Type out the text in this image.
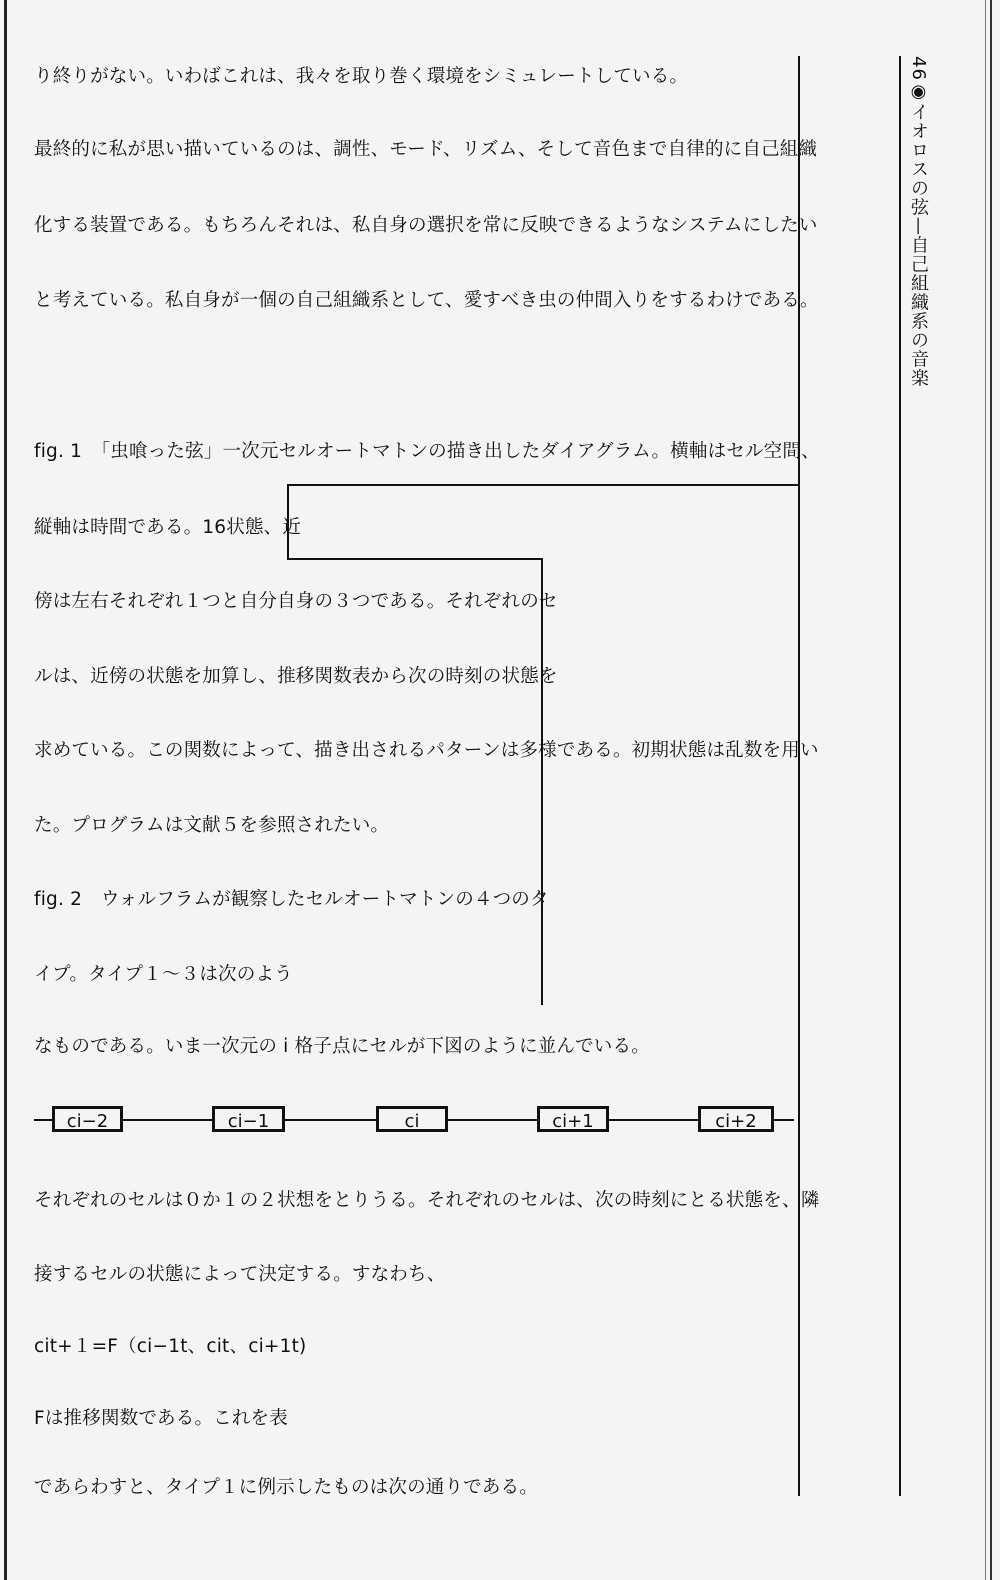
46◉イオロスの弦—自己組織系の音楽
り終りがない。いわばこれは、我々を取り巻く環境をシミュレートしている。
最終的に私が思い描いているのは、調性、モード、リズム、そして音色まで自律的に自己組織
化する装置である。もちろんそれは、私自身の選択を常に反映できるようなシステムにしたい
と考えている。私自身が一個の自己組織系として、愛すべき虫の仲間入りをするわけである。
fig. 1　「虫喰った弦」一次元セルオートマトンの描き出したダイアグラム。横軸はセル空間、
縦軸は時間である。16状態、近
傍は左右それぞれ１つと自分自身の３つである。それぞれのセ
ルは、近傍の状態を加算し、推移関数表から次の時刻の状態を
求めている。この関数によって、描き出されるパターンは多様である。初期状態は乱数を用い
た。プログラムは文献５を参照されたい。
fig. 2　ウォルフラムが観察したセルオートマトンの４つのタ
イプ。タイプ１〜３は次のよう
なものである。いま一次元の i 格子点にセルが下図のように並んでいる。
ci−2	ci−1	ci	ci+1	ci+2
それぞれのセルは０か１の２状想をとりうる。それぞれのセルは、次の時刻にとる状態を、隣
接するセルの状態によって決定する。すなわち、
cit+１=F（ci−1t、cit、ci+1t)
Fは推移関数である。これを表
であらわすと、タイプ１に例示したものは次の通りである。
